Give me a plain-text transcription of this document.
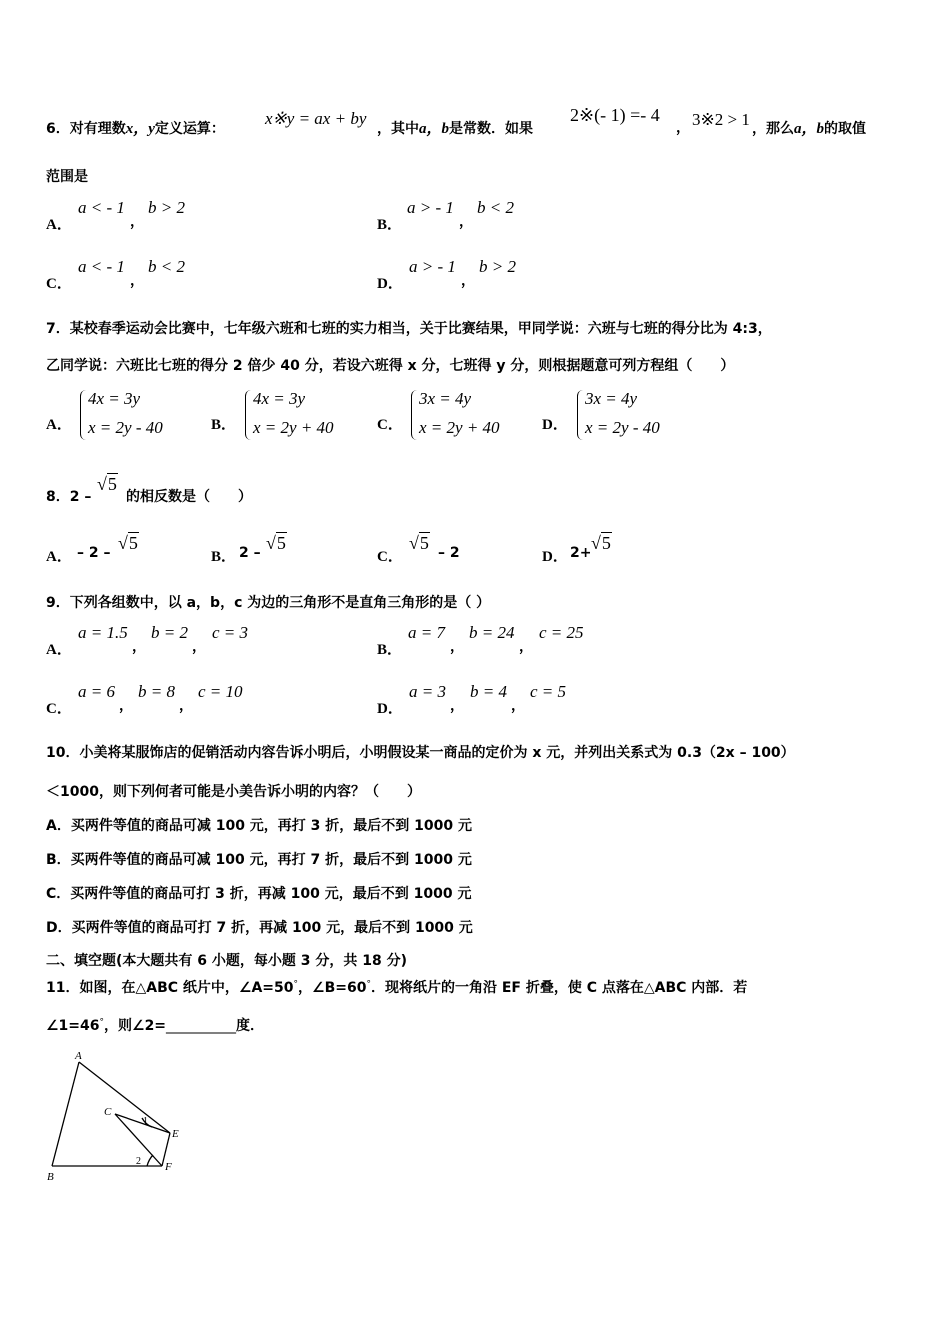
6．对有理数x，y定义运算：
x※y = ax + by
，其中a，b是常数．如果
2※(- 1) =- 4
， 3※2 > 1 ，那么a，b的取值
范围是
A．
a < - 1
，
b > 2
B．
a > - 1
，
b < 2
C．
a < - 1
，
b < 2
D．
a > - 1
，
b > 2
7．某校春季运动会比赛中，七年级六班和七班的实力相当，关于比赛结果，甲同学说：六班与七班的得分比为 4:3，
乙同学说：六班比七班的得分 2 倍少 40 分，若设六班得 x 分，七班得 y 分，则根据题意可列方程组（　　）
A．
4x = 3y
x = 2y - 40	B．
4x = 3y
x = 2y + 40	C．
3x = 4y
x = 2y + 40	D．
3x = 4y
x = 2y - 40
8．2 –
√5
的相反数是（　　）
A． – 2 – √5
B． 2 – √5
C．
√5 – 2	D． 2+ √5
9．下列各组数中，以 a，b，c 为边的三角形不是直角三角形的是（ ）
A．
a = 1.5
，
b = 2
，
c = 3
B．
a = 7
，
b = 24
，
c = 25
C．
a = 6
，
b = 8
，
c = 10
D．
a = 3
，
b = 4
，
c = 5
10．小美将某服饰店的促销活动内容告诉小明后，小明假设某一商品的定价为 x 元，并列出关系式为 0.3（2x – 100）
＜1000，则下列何者可能是小美告诉小明的内容？（　　）
A．买两件等值的商品可减 100 元，再打 3 折，最后不到 1000 元
B．买两件等值的商品可减 100 元，再打 7 折，最后不到 1000 元
C．买两件等值的商品可打 3 折，再减 100 元，最后不到 1000 元
D．买两件等值的商品可打 7 折，再减 100 元，最后不到 1000 元
二、填空题(本大题共有 6 小题，每小题 3 分，共 18 分)
11．如图，在△ABC 纸片中，∠A=50°，∠B=60°．现将纸片的一角沿 EF 折叠，使 C 点落在△ABC 内部．若
∠1=46°，则∠2=__________度．
A
B
C
E
F
1
2
